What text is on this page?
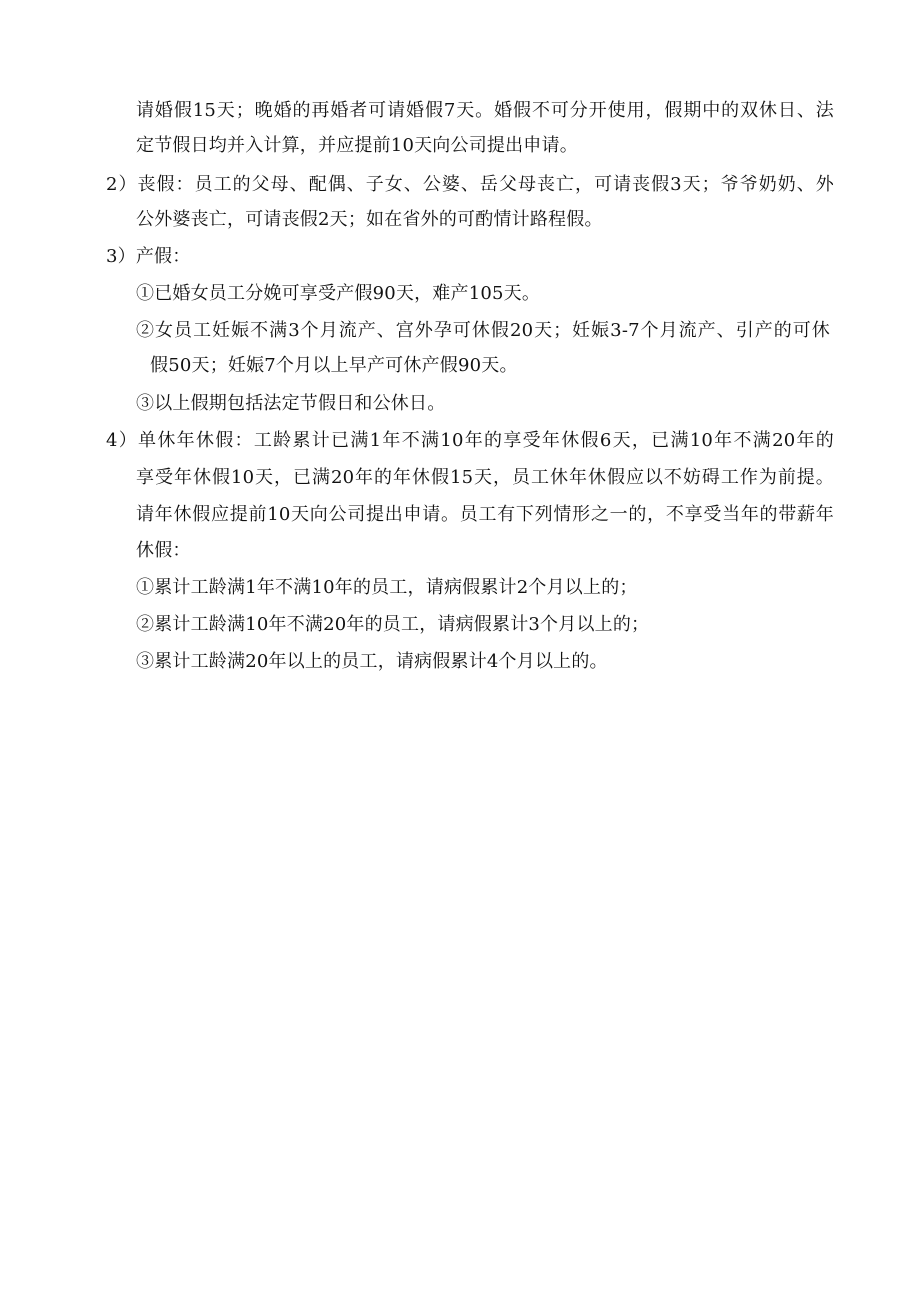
请婚假15天；晚婚的再婚者可请婚假7天。婚假不可分开使用，假期中的双休日、法
定节假日均并入计算，并应提前10天向公司提出申请。
2）丧假：员工的父母、配偶、子女、公婆、岳父母丧亡，可请丧假3天；爷爷奶奶、外
公外婆丧亡，可请丧假2天；如在省外的可酌情计路程假。
3）产假：
①已婚女员工分娩可享受产假90天，难产105天。
②女员工妊娠不满3个月流产、宫外孕可休假20天；妊娠3-7个月流产、引产的可休
假50天；妊娠7个月以上早产可休产假90天。
③以上假期包括法定节假日和公休日。
4）单休年休假：工龄累计已满1年不满10年的享受年休假6天，已满10年不满20年的
享受年休假10天，已满20年的年休假15天，员工休年休假应以不妨碍工作为前提。
请年休假应提前10天向公司提出申请。员工有下列情形之一的，不享受当年的带薪年
休假：
①累计工龄满1年不满10年的员工，请病假累计2个月以上的；
②累计工龄满10年不满20年的员工，请病假累计3个月以上的；
③累计工龄满20年以上的员工，请病假累计4个月以上的。
